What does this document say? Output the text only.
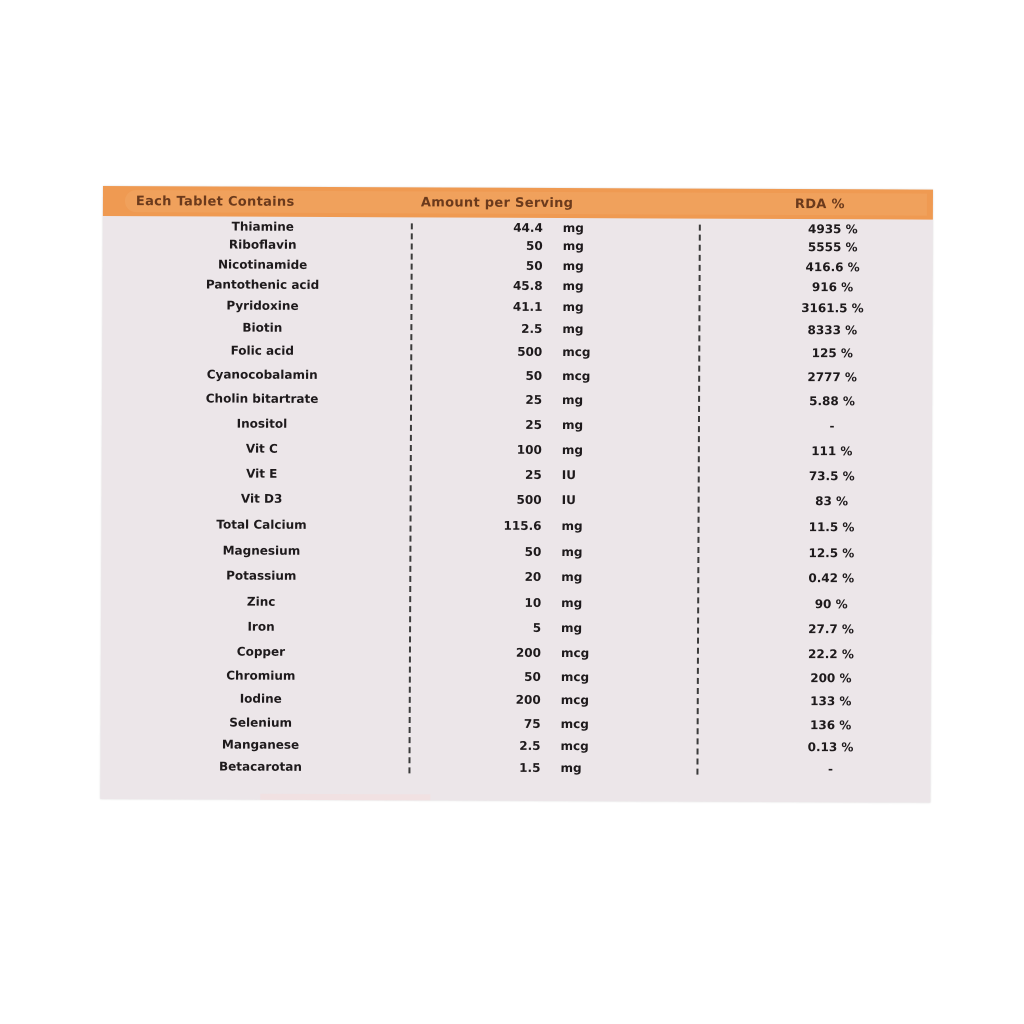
Each Tablet Contains	Amount per Serving	RDA %
Thiamine	44.4 mg	4935 %
Riboflavin	50 mg	5555 %
Nicotinamide	50 mg	416.6 %
Pantothenic acid	45.8 mg	916 %
Pyridoxine	41.1 mg	3161.5 %
Biotin	2.5 mg	8333 %
Folic acid	500 mcg	125 %
Cyanocobalamin	50 mcg	2777 %
Cholin bitartrate	25 mg	5.88 %
Inositol	25 mg	-
Vit C	100 mg	111 %
Vit E	25 IU	73.5 %
Vit D3	500 IU	83 %
Total Calcium	115.6 mg	11.5 %
Magnesium	50 mg	12.5 %
Potassium	20 mg	0.42 %
Zinc	10 mg	90 %
Iron	5 mg	27.7 %
Copper	200 mcg	22.2 %
Chromium	50 mcg	200 %
Iodine	200 mcg	133 %
Selenium	75 mcg	136 %
Manganese	2.5 mcg	0.13 %
Betacarotan	1.5 mg	-
